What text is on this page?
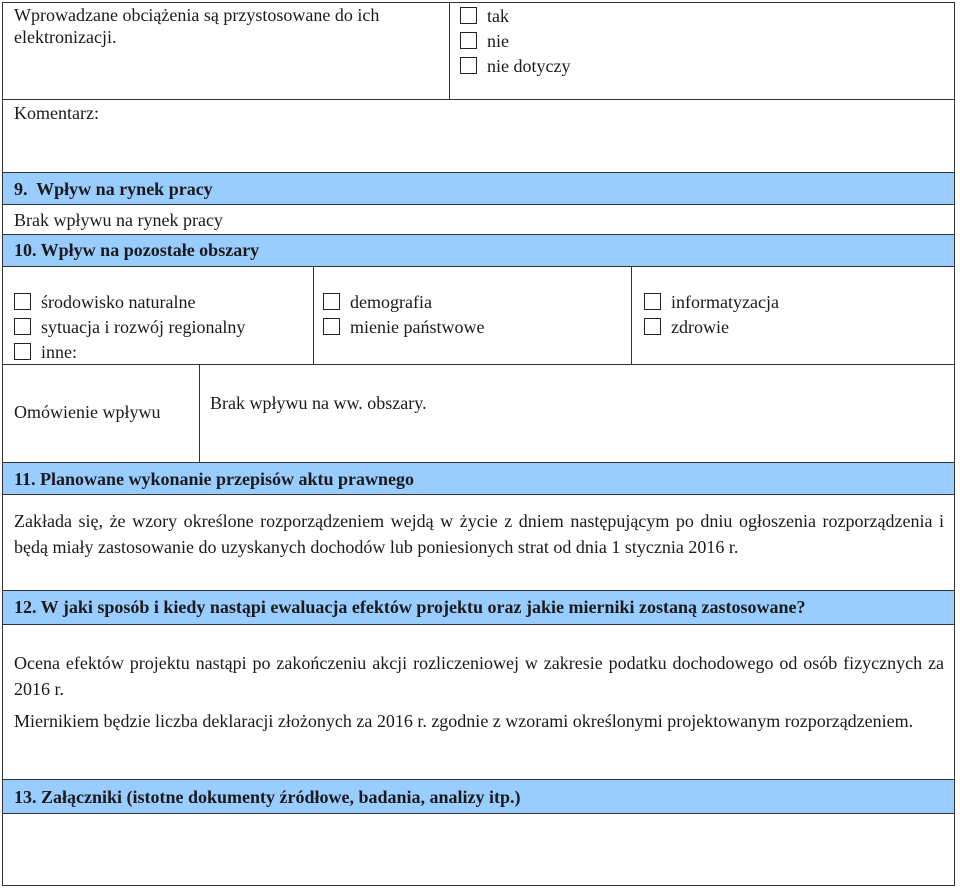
Wprowadzane obciążenia są przystosowane do ich elektronizacji.
tak
nie
nie dotyczy
Komentarz:
9.  Wpływ na rynek pracy
Brak wpływu na rynek pracy
10. Wpływ na pozostałe obszary
środowisko naturalne
sytuacja i rozwój regionalny
inne:
demografia
mienie państwowe
informatyzacja
zdrowie
Omówienie wpływu	Brak wpływu na ww. obszary.
11. Planowane wykonanie przepisów aktu prawnego
Zakłada się, że wzory określone rozporządzeniem wejdą w życie z dniem następującym po dniu ogłoszenia rozporządzenia i będą miały zastosowanie do uzyskanych dochodów lub poniesionych strat od dnia 1 stycznia 2016 r.
12. W jaki sposób i kiedy nastąpi ewaluacja efektów projektu oraz jakie mierniki zostaną zastosowane?
Ocena efektów projektu nastąpi po zakończeniu akcji rozliczeniowej w zakresie podatku dochodowego od osób fizycznych za 2016 r.
Miernikiem będzie liczba deklaracji złożonych za 2016 r. zgodnie z wzorami określonymi projektowanym rozporządzeniem.
13. Załączniki (istotne dokumenty źródłowe, badania, analizy itp.)
